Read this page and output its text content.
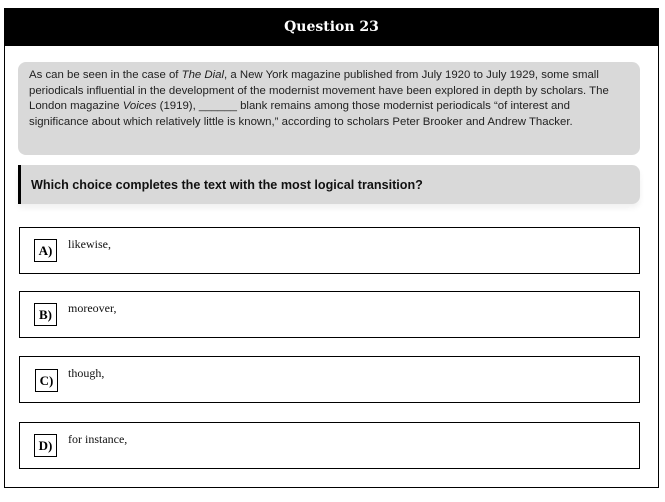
Question 23
As can be seen in the case of The Dial, a New York magazine published from July 1920 to July 1929, some small periodicals influential in the development of the modernist movement have been explored in depth by scholars. The London magazine Voices (1919), ______ blank remains among those modernist periodicals “of interest and significance about which relatively little is known,” according to scholars Peter Brooker and Andrew Thacker.
Which choice completes the text with the most logical transition?
A)	likewise,
B)	moreover,
C)	though,
D)	for instance,
